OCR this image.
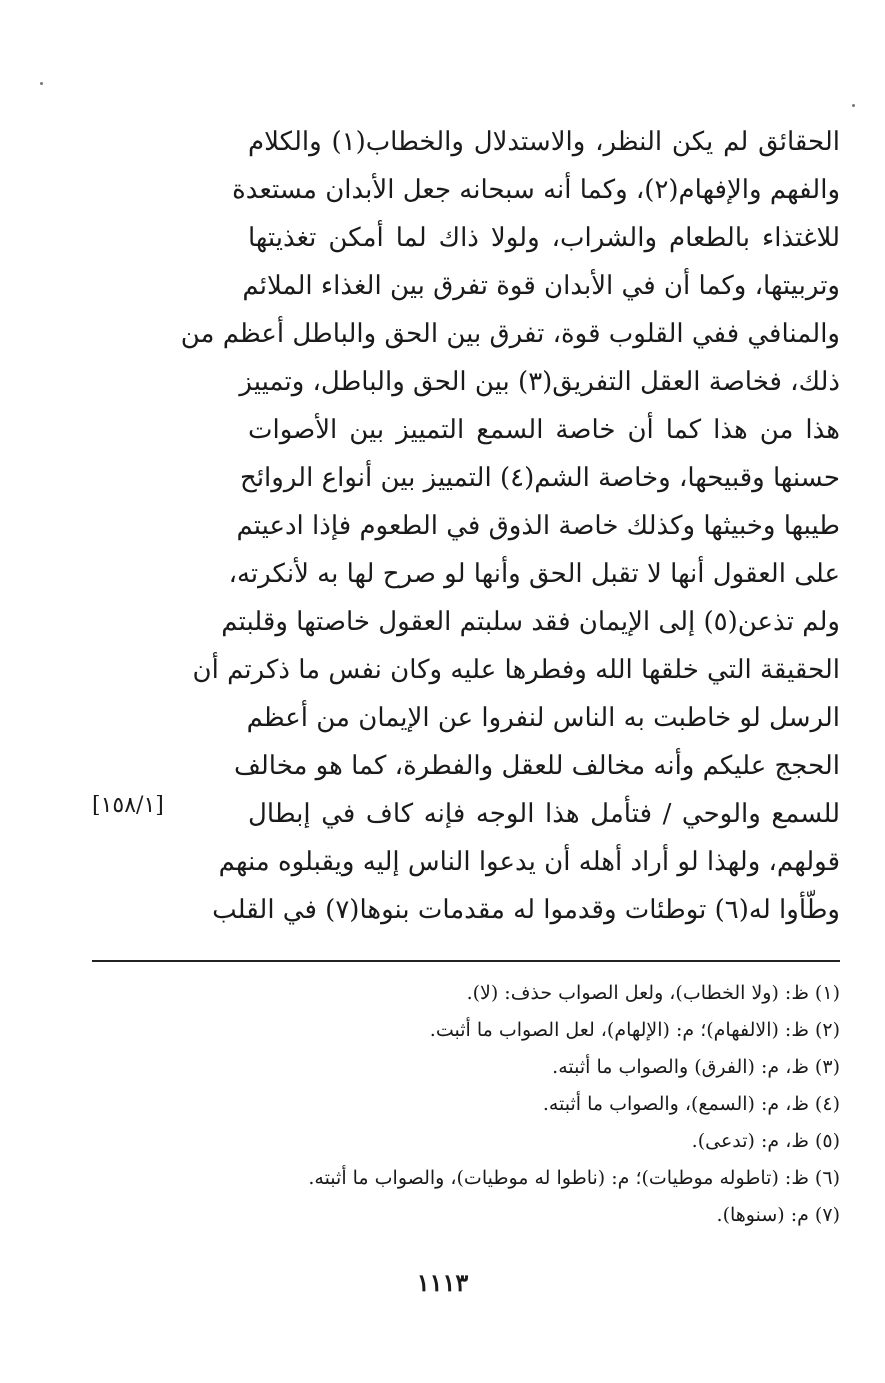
الحقائق لم يكن النظر، والاستدلال والخطاب(١) والكلام
والفهم والإفهام(٢)، وكما أنه سبحانه جعل الأبدان مستعدة
للاغتذاء بالطعام والشراب، ولولا ذاك لما أمكن تغذيتها
وتربيتها، وكما أن في الأبدان قوة تفرق بين الغذاء الملائم
والمنافي ففي القلوب قوة، تفرق بين الحق والباطل أعظم من
ذلك، فخاصة العقل التفريق(٣) بين الحق والباطل، وتمييز
هذا من هذا كما أن خاصة السمع التمييز بين الأصوات
حسنها وقبيحها، وخاصة الشم(٤) التمييز بين أنواع الروائح
طيبها وخبيثها وكذلك خاصة الذوق في الطعوم فإذا ادعيتم
على العقول أنها لا تقبل الحق وأنها لو صرح لها به لأنكرته،
ولم تذعن(٥) إلى الإيمان فقد سلبتم العقول خاصتها وقلبتم
الحقيقة التي خلقها الله وفطرها عليه وكان نفس ما ذكرتم أن
الرسل لو خاطبت به الناس لنفروا عن الإيمان من أعظم
الحجج عليكم وأنه مخالف للعقل والفطرة، كما هو مخالف
للسمع والوحي / فتأمل هذا الوجه فإنه كاف في إبطال
قولهم، ولهذا لو أراد أهله أن يدعوا الناس إليه ويقبلوه منهم
وطّأوا له(٦) توطئات وقدموا له مقدمات بنوها(٧) في القلب
[١٥٨/١]
(١) ظ: (ولا الخطاب)، ولعل الصواب حذف: (لا).
(٢) ظ: (الالفهام)؛ م: (الإلهام)، لعل الصواب ما أثبت.
(٣) ظ، م: (الفرق) والصواب ما أثبته.
(٤) ظ، م: (السمع)، والصواب ما أثبته.
(٥) ظ، م: (تدعى).
(٦) ظ: (تاطوله موطيات)؛ م: (ناطوا له موطيات)، والصواب ما أثبته.
(٧) م: (سنوها).
١١١٣
